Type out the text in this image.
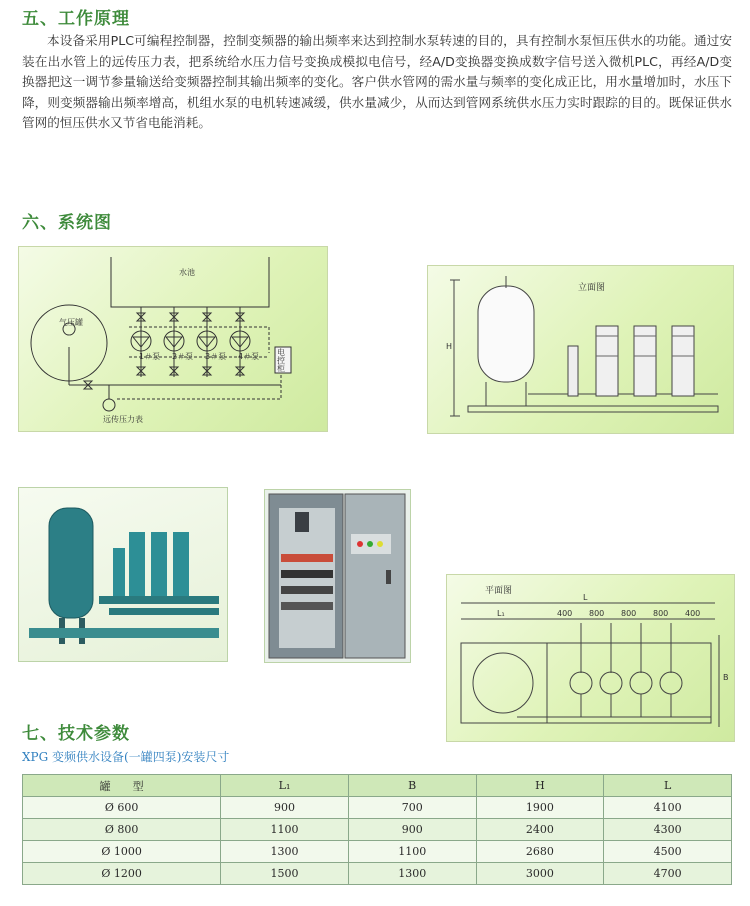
五、工作原理
本设备采用PLC可编程控制器，控制变频器的输出频率来达到控制水泵转速的目的，具有控制水泵恒压供水的功能。通过安装在出水管上的远传压力表，把系统给水压力信号变换成模拟电信号，经A/D变换器变换成数字信号送入微机PLC，再经A/D变换器把这一调节参量输送给变频器控制其输出频率的变化。客户供水管网的需水量与频率的变化成正比，用水量增加时，水压下降，则变频器输出频率增高，机组水泵的电机转速减缓，供水量减少，从而达到管网系统供水压力实时跟踪的目的。既保证供水管网的恒压供水又节省电能消耗。
六、系统图
水池
气压罐
1＃泵 2＃泵 3＃泵 4＃泵 电控柜
远传压力表
立面图
H
平面图
L
L₁	400 800 800 800 400
B
七、技术参数
XPG 变频供水设备(一罐四泵)安装尺寸
罐　　型	L₁	B	H	L
Ø 600	900	700	1900	4100
Ø 800	1100	900	2400	4300
Ø 1000	1300	1100	2680	4500
Ø 1200	1500	1300	3000	4700
